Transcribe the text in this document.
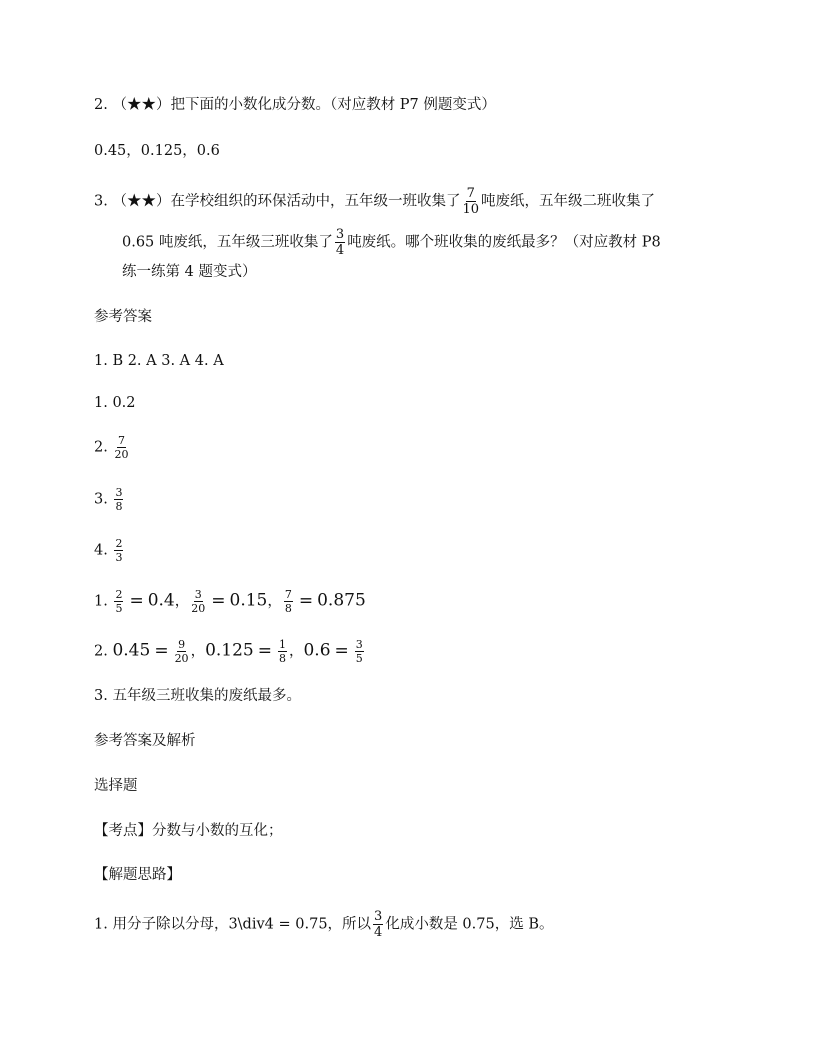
2. （★★）把下面的小数化成分数。（对应教材 P7 例题变式）
0.45，0.125，0.6
3. （★★）在学校组织的环保活动中，五年级一班收集了 $\frac{7}{10}$ 吨废纸，五年级二班收集了
0.65 吨废纸，五年级三班收集了 $\frac{3}{4}$ 吨废纸。哪个班收集的废纸最多？（对应教材 P8
练一练第 4 题变式）
参考答案
1. B 2. A 3. A 4. A
1. 0.2
2. $\frac{7}{20}$
3. $\frac{3}{8}$
4. $\frac{2}{3}$
1. $\frac{2}{5} = 0.4$， $\frac{3}{20} = 0.15$， $\frac{7}{8} = 0.875$
2. $0.45 = \frac{9}{20}$ ，$0.125 = \frac{1}{8}$ ，$0.6 = \frac{3}{5}$
3. 五年级三班收集的废纸最多。
参考答案及解析
选择题
【考点】分数与小数的互化；
【解题思路】
1. 用分子除以分母，3\div4 = 0.75，所以 $\frac{3}{4}$ 化成小数是 0.75，选 B。
